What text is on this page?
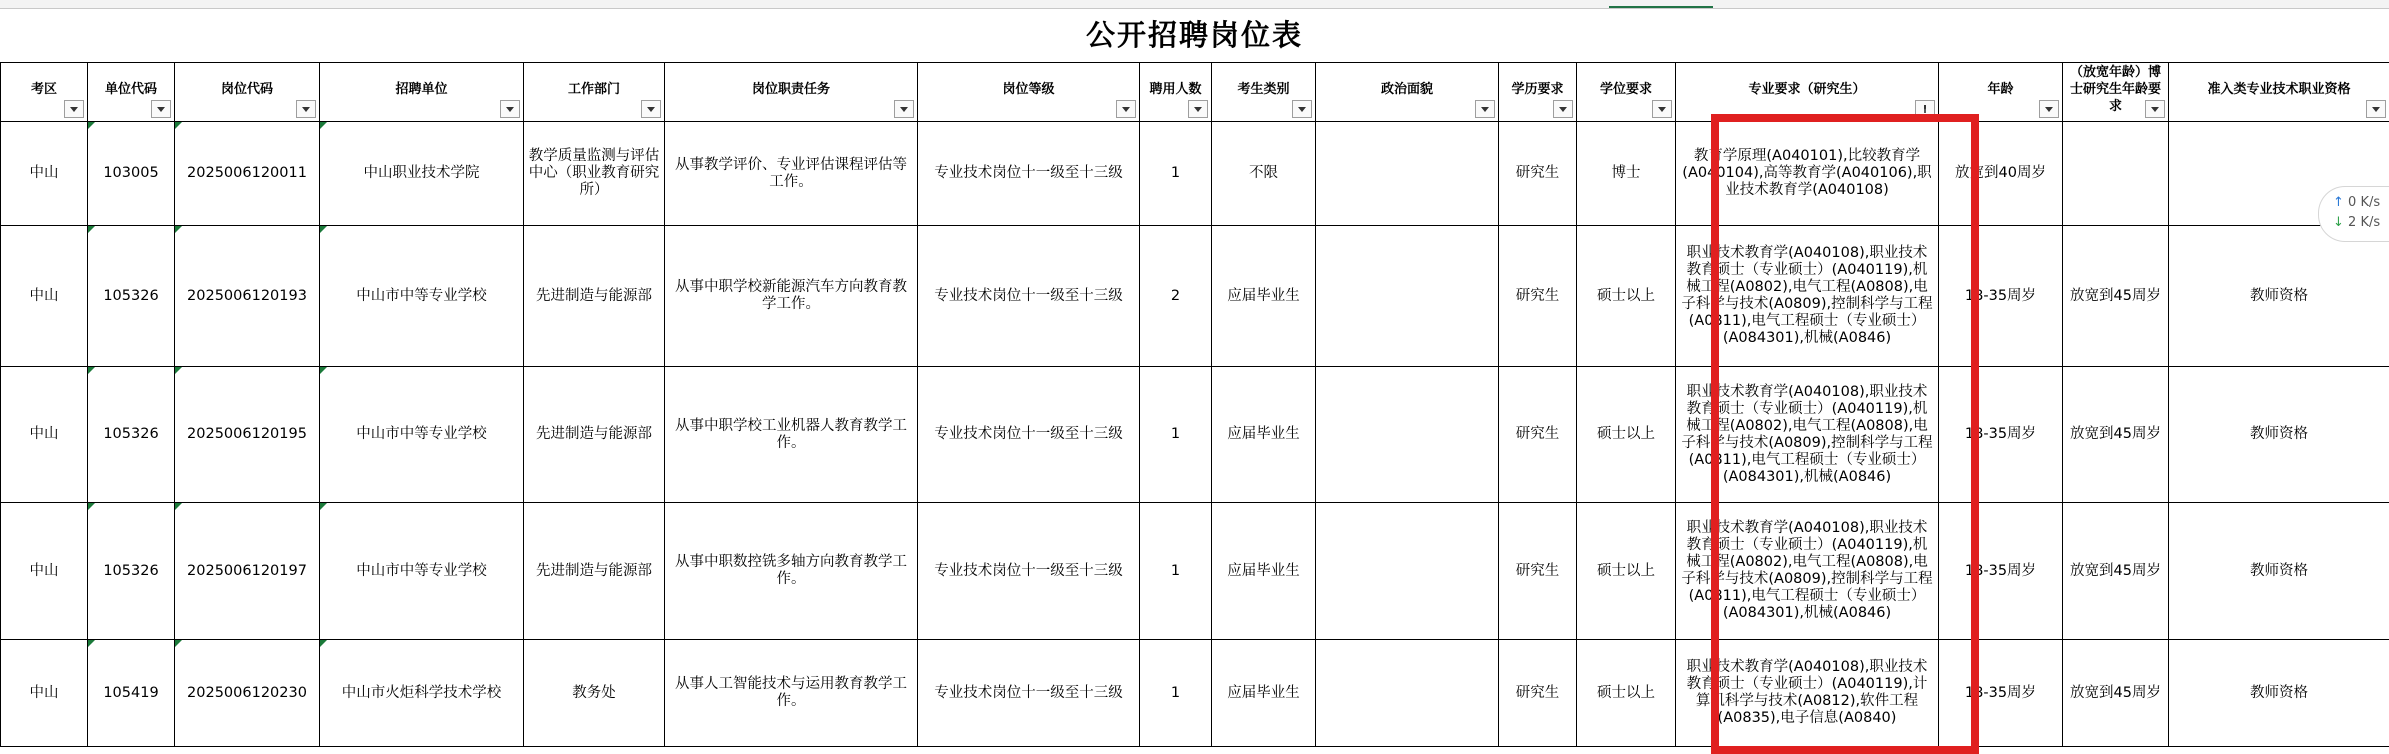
公开招聘岗位表
考区	单位代码	岗位代码	招聘单位	工作部门	岗位职责任务	岗位等级	聘用人数	考生类别	政治面貌	学历要求	学位要求	专业要求（研究生）	年龄	（放宽年龄）博士研究生年龄要求	准入类专业技术职业资格

中山	103005	2025006120011	中山职业技术学院	教学质量监测与评估中心（职业教育研究所）	从事教学评价、专业评估课程评估等工作。	专业技术岗位十一级至十三级	1	不限		研究生	博士	教育学原理(A040101),比较教育学(A040104),高等教育学(A040106),职业技术教育学(A040108)	放宽到40周岁		
中山	105326	2025006120193	中山市中等专业学校	先进制造与能源部	从事中职学校新能源汽车方向教育教学工作。	专业技术岗位十一级至十三级	2	应届毕业生		研究生	硕士以上	职业技术教育学(A040108),职业技术教育硕士（专业硕士）(A040119),机械工程(A0802),电气工程(A0808),电子科学与技术(A0809),控制科学与工程(A0811),电气工程硕士（专业硕士）(A084301),机械(A0846)	18-35周岁	放宽到45周岁	教师资格
中山	105326	2025006120195	中山市中等专业学校	先进制造与能源部	从事中职学校工业机器人教育教学工作。	专业技术岗位十一级至十三级	1	应届毕业生		研究生	硕士以上	职业技术教育学(A040108),职业技术教育硕士（专业硕士）(A040119),机械工程(A0802),电气工程(A0808),电子科学与技术(A0809),控制科学与工程(A0811),电气工程硕士（专业硕士）(A084301),机械(A0846)	18-35周岁	放宽到45周岁	教师资格
中山	105326	2025006120197	中山市中等专业学校	先进制造与能源部	从事中职数控铣多轴方向教育教学工作。	专业技术岗位十一级至十三级	1	应届毕业生		研究生	硕士以上	职业技术教育学(A040108),职业技术教育硕士（专业硕士）(A040119),机械工程(A0802),电气工程(A0808),电子科学与技术(A0809),控制科学与工程(A0811),电气工程硕士（专业硕士）(A084301),机械(A0846)	18-35周岁	放宽到45周岁	教师资格
中山	105419	2025006120230	中山市火炬科学技术学校	教务处	从事人工智能技术与运用教育教学工作。	专业技术岗位十一级至十三级	1	应届毕业生		研究生	硕士以上	职业技术教育学(A040108),职业技术教育硕士（专业硕士）(A040119),计算机科学与技术(A0812),软件工程(A0835),电子信息(A0840)	18-35周岁	放宽到45周岁	教师资格
↑ 0 K/s
↓ 2 K/s
